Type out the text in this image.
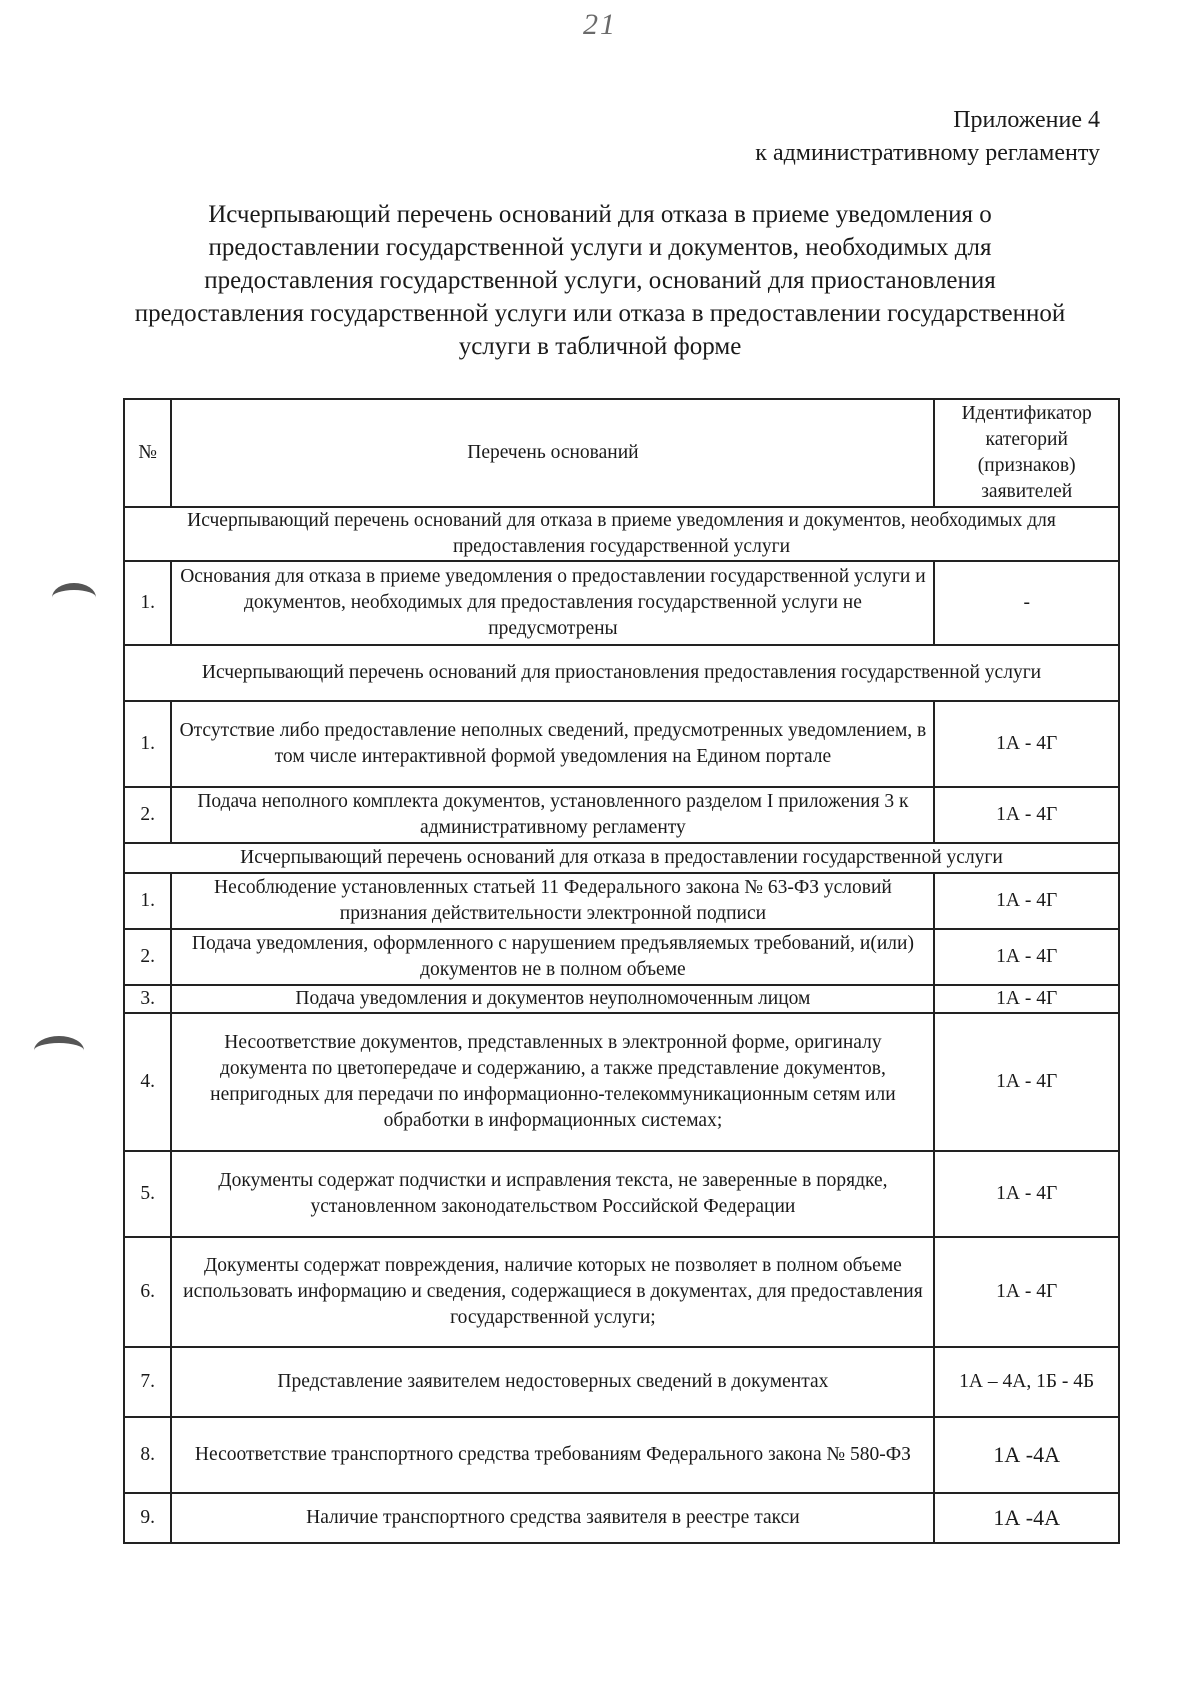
21
Приложение 4
к административному регламенту
Исчерпывающий перечень оснований для отказа в приеме уведомления о предоставлении государственной услуги и документов, необходимых для предоставления государственной услуги, оснований для приостановления предоставления государственной услуги или отказа в предоставлении государственной услуги в табличной форме
№	Перечень оснований	Идентификатор категорий (признаков) заявителей
Исчерпывающий перечень оснований для отказа в приеме уведомления и документов, необходимых для предоставления государственной услуги		
1.	Основания для отказа в приеме уведомления о предоставлении государственной услуги и документов, необходимых для предоставления государственной услуги не предусмотрены	-
Исчерпывающий перечень оснований для приостановления предоставления государственной услуги		
1.	Отсутствие либо предоставление неполных сведений, предусмотренных уведомлением, в том числе интерактивной формой уведомления на Едином портале	1А - 4Г
2.	Подача неполного комплекта документов, установленного разделом I приложения 3 к административному регламенту	1А - 4Г
Исчерпывающий перечень оснований для отказа в предоставлении государственной услуги		
1.	Несоблюдение установленных статьей 11 Федерального закона № 63-ФЗ условий признания действительности электронной подписи	1А - 4Г
2.	Подача уведомления, оформленного с нарушением предъявляемых требований, и(или) документов не в полном объеме	1А - 4Г
3.	Подача уведомления и документов неуполномоченным лицом	1А - 4Г
4.	Несоответствие документов, представленных в электронной форме, оригиналу документа по цветопередаче и содержанию, а также представление документов, непригодных для передачи по информационно-телекоммуникационным сетям или обработки в информационных системах;	1А - 4Г
5.	Документы содержат подчистки и исправления текста, не заверенные в порядке, установленном законодательством Российской Федерации	1А - 4Г
6.	Документы содержат повреждения, наличие которых не позволяет в полном объеме использовать информацию и сведения, содержащиеся в документах, для предоставления государственной услуги;	1А - 4Г
7.	Представление заявителем недостоверных сведений в документах	1А – 4А, 1Б - 4Б
8.	Несоответствие транспортного средства требованиям Федерального закона № 580-ФЗ	1А -4А
9.	Наличие транспортного средства заявителя в реестре такси	1А -4А
